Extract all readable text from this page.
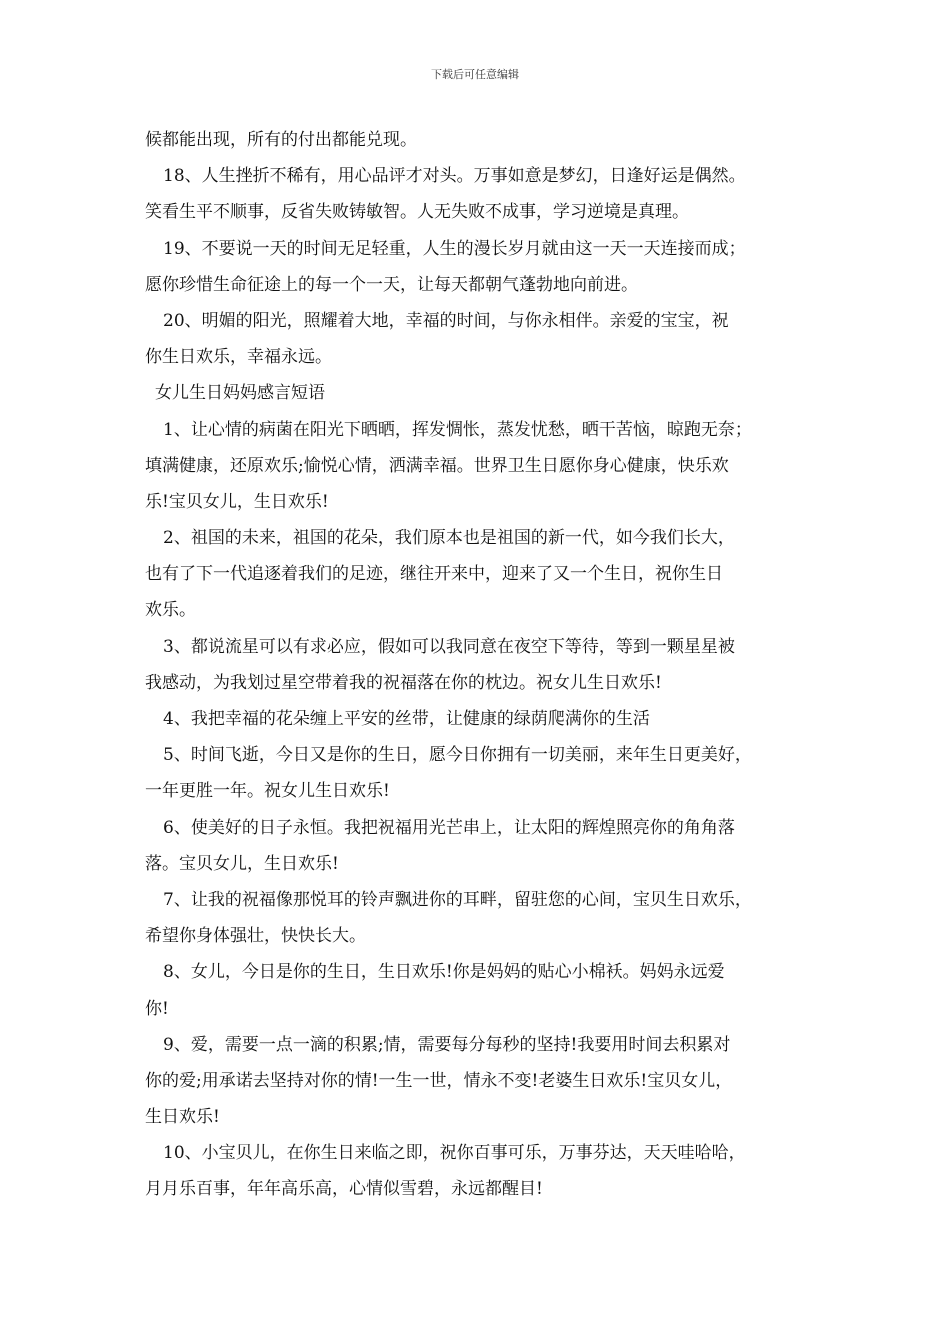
下载后可任意编辑
候都能出现，所有的付出都能兑现。
18、人生挫折不稀有，用心品评才对头。万事如意是梦幻，日逢好运是偶然。
笑看生平不顺事，反省失败铸敏智。人无失败不成事，学习逆境是真理。
19、不要说一天的时间无足轻重，人生的漫长岁月就由这一天一天连接而成；
愿你珍惜生命征途上的每一个一天，让每天都朝气蓬勃地向前进。
20、明媚的阳光，照耀着大地，幸福的时间，与你永相伴。亲爱的宝宝，祝
你生日欢乐，幸福永远。
女儿生日妈妈感言短语
1、让心情的病菌在阳光下晒晒，挥发惆怅，蒸发忧愁，晒干苦恼，晾跑无奈；
填满健康，还原欢乐;愉悦心情，洒满幸福。世界卫生日愿你身心健康，快乐欢
乐!宝贝女儿，生日欢乐!
2、祖国的未来，祖国的花朵，我们原本也是祖国的新一代，如今我们长大，
也有了下一代追逐着我们的足迹，继往开来中，迎来了又一个生日，祝你生日
欢乐。
3、都说流星可以有求必应，假如可以我同意在夜空下等待，等到一颗星星被
我感动，为我划过星空带着我的祝福落在你的枕边。祝女儿生日欢乐!
4、我把幸福的花朵缠上平安的丝带，让健康的绿荫爬满你的生活
5、时间飞逝，今日又是你的生日，愿今日你拥有一切美丽，来年生日更美好，
一年更胜一年。祝女儿生日欢乐!
6、使美好的日子永恒。我把祝福用光芒串上，让太阳的辉煌照亮你的角角落
落。宝贝女儿，生日欢乐!
7、让我的祝福像那悦耳的铃声飘进你的耳畔，留驻您的心间，宝贝生日欢乐，
希望你身体强壮，快快长大。
8、女儿，今日是你的生日，生日欢乐!你是妈妈的贴心小棉袄。妈妈永远爱
你!
9、爱，需要一点一滴的积累;情，需要每分每秒的坚持!我要用时间去积累对
你的爱;用承诺去坚持对你的情!一生一世，情永不变!老婆生日欢乐!宝贝女儿，
生日欢乐!
10、小宝贝儿，在你生日来临之即，祝你百事可乐，万事芬达，天天哇哈哈，
月月乐百事，年年高乐高，心情似雪碧，永远都醒目!
